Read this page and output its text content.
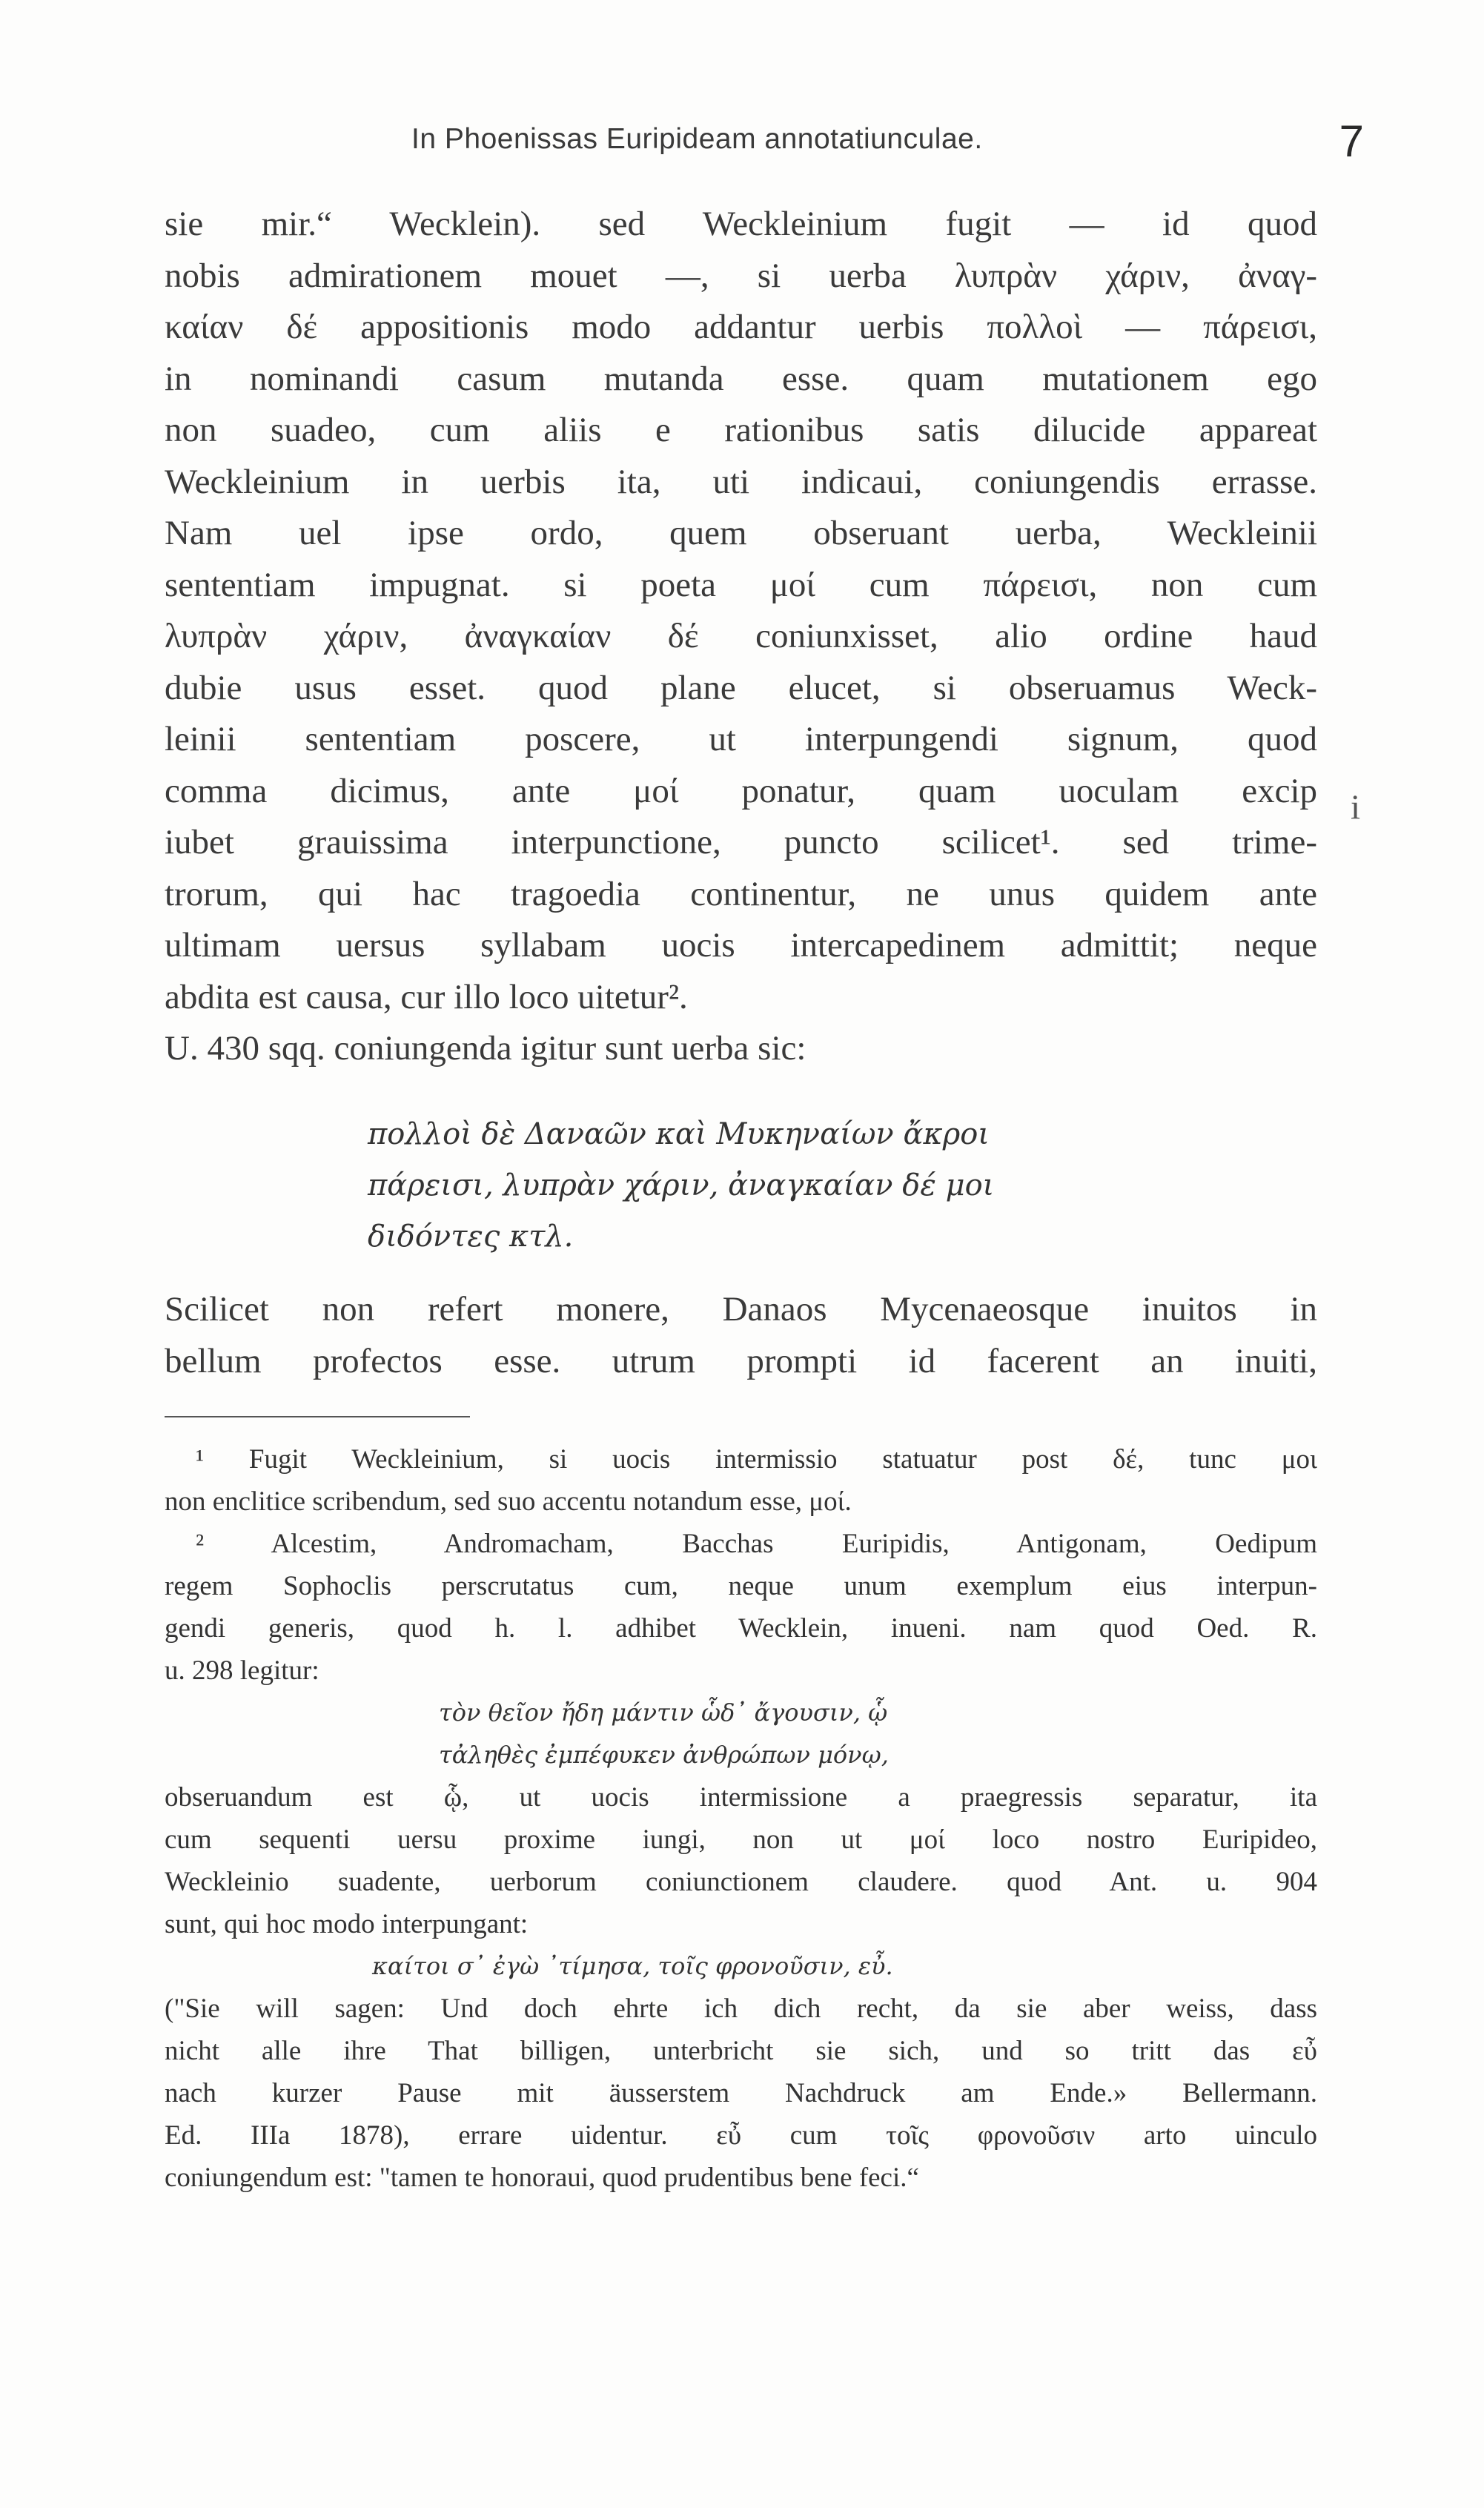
In Phoenissas Euripideam annotatiunculae.	7
sie mir.“ Wecklein). sed Weckleinium fugit — id quod
nobis admirationem mouet —, si uerba λυπρὰν χάριν, ἀναγ-
καίαν δέ appositionis modo addantur uerbis πολλοὶ — πάρεισι,
in nominandi casum mutanda esse. quam mutationem ego
non suadeo, cum aliis e rationibus satis dilucide appareat
Weckleinium in uerbis ita, uti indicaui, coniungendis errasse.
Nam uel ipse ordo, quem obseruant uerba, Weckleinii
sententiam impugnat. si poeta μοί cum πάρεισι, non cum
λυπρὰν χάριν, ἀναγκαίαν δέ coniunxisset, alio ordine haud
dubie usus esset. quod plane elucet, si obseruamus Weck-
leinii sententiam poscere, ut interpungendi signum, quod
comma dicimus, ante μοί ponatur, quam uoculam excip
iubet grauissima interpunctione, puncto scilicet¹. sed trime-
trorum, qui hac tragoedia continentur, ne unus quidem ante
ultimam uersus syllabam uocis intercapedinem admittit; neque
abdita est causa, cur illo loco uitetur².
U. 430 sqq. coniungenda igitur sunt uerba sic:
i
πολλοὶ δὲ Δαναῶν καὶ Μυκηναίων ἄκροι
πάρεισι, λυπρὰν χάριν, ἀναγκαίαν δέ μοι
διδόντες κτλ.
Scilicet non refert monere, Danaos Mycenaeosque inuitos in
bellum profectos esse. utrum prompti id facerent an inuiti,
¹ Fugit Weckleinium, si uocis intermissio statuatur post δέ, tunc μοι
non enclitice scribendum, sed suo accentu notandum esse, μοί.
² Alcestim, Andromacham, Bacchas Euripidis, Antigonam, Oedipum
regem Sophoclis perscrutatus cum, neque unum exemplum eius interpun-
gendi generis, quod h. l. adhibet Wecklein, inueni. nam quod Oed. R.
u. 298 legitur:
τὸν θεῖον ἤδη μάντιν ὧδ᾽ ἄγουσιν, ᾧ
τἀληθὲς ἐμπέφυκεν ἀνθρώπων μόνῳ,
obseruandum est ᾧ, ut uocis intermissione a praegressis separatur, ita
cum sequenti uersu proxime iungi, non ut μοί loco nostro Euripideo,
Weckleinio suadente, uerborum coniunctionem claudere. quod Ant. u. 904
sunt, qui hoc modo interpungant:
καίτοι σ᾽ ἐγὼ ᾽τίμησα, τοῖς φρονοῦσιν, εὖ.
("Sie will sagen: Und doch ehrte ich dich recht, da sie aber weiss, dass
nicht alle ihre That billigen, unterbricht sie sich, und so tritt das εὖ
nach kurzer Pause mit äusserstem Nachdruck am Ende.» Bellermann.
Ed. IIIa 1878), errare uidentur. εὖ cum τοῖς φρονοῦσιν arto uinculo
coniungendum est: "tamen te honoraui, quod prudentibus bene feci.“
